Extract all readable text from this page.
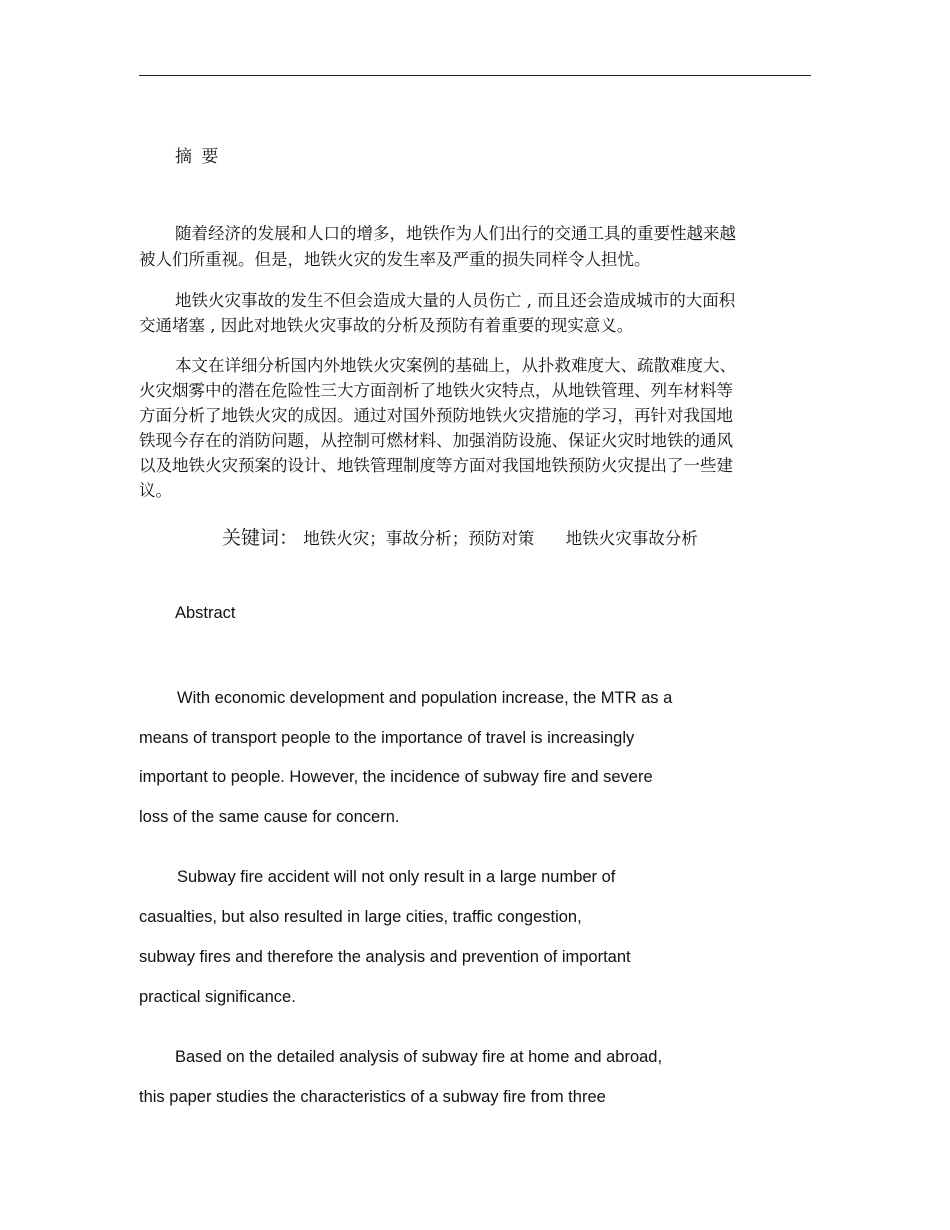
摘 要
随着经济的发展和人口的增多，地铁作为人们出行的交通工具的重要性越来越
被人们所重视。但是，地铁火灾的发生率及严重的损失同样令人担忧。
地铁火灾事故的发生不但会造成大量的人员伤亡 , 而且还会造成城市的大面积
交通堵塞 , 因此对地铁火灾事故的分析及预防有着重要的现实意义。
本文在详细分析国内外地铁火灾案例的基础上，从扑救难度大、疏散难度大、
火灾烟雾中的潜在危险性三大方面剖析了地铁火灾特点，从地铁管理、列车材料等
方面分析了地铁火灾的成因。通过对国外预防地铁火灾措施的学习，再针对我国地
铁现今存在的消防问题，从控制可燃材料、加强消防设施、保证火灾时地铁的通风
以及地铁火灾预案的设计、地铁管理制度等方面对我国地铁预防火灾提出了一些建
议。
关键词： 地铁火灾；事故分析；预防对策      地铁火灾事故分析
Abstract
With economic development and population increase, the MTR as a
means of transport people to the importance of travel is increasingly
important to people. However, the incidence of subway fire and severe
loss of the same cause for concern.
Subway fire accident will not only result in a large number of
casualties, but also resulted in large cities, traffic congestion,
subway fires and therefore the analysis and prevention of important
practical significance.
Based on the detailed analysis of subway fire at home and abroad,
this paper studies the characteristics of a subway fire from three
